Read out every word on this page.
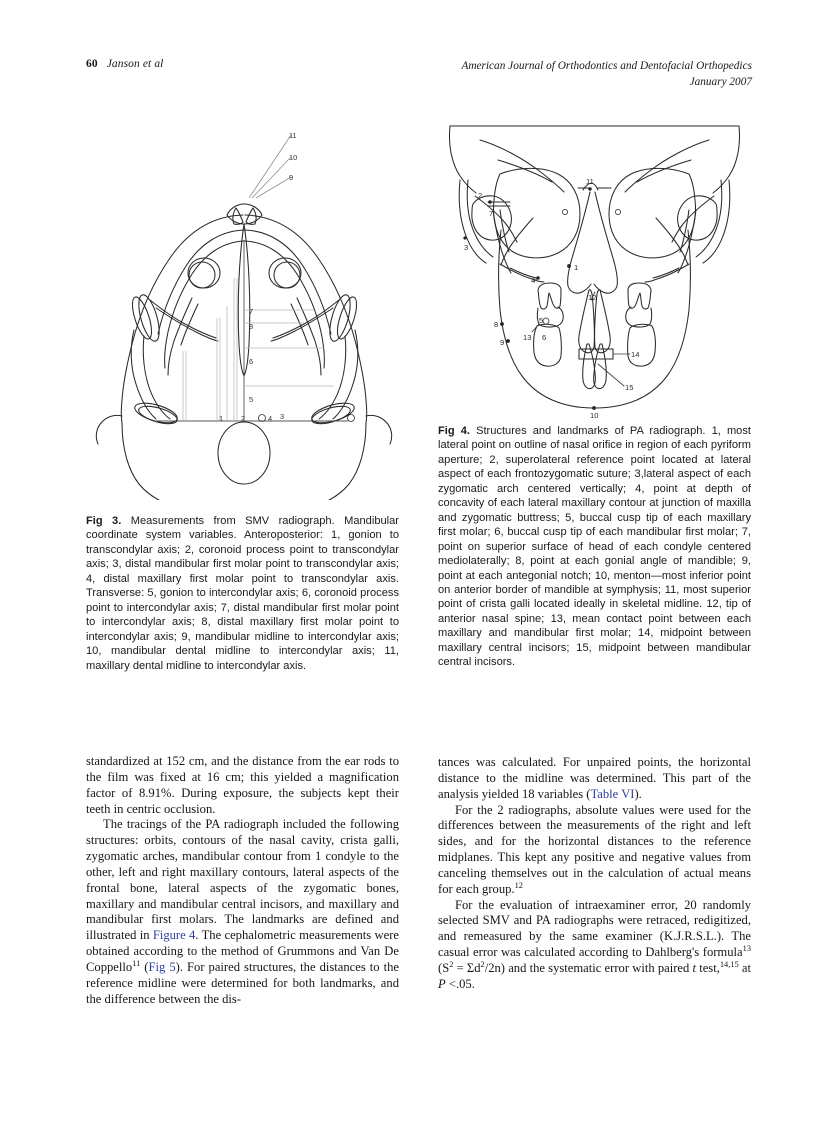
60 Janson et al	American Journal of Orthodontics and Dentofacial Orthopedics
January 2007
11
10
9
7
8
6
5
1 2	4 3

Fig 3. Measurements from SMV radiograph. Mandibular coordinate system variables. Anteroposterior: 1, gonion to transcondylar axis; 2, coronoid process point to transcondylar axis; 3, distal mandibular first molar point to transcondylar axis; 4, distal maxillary first molar point to transcondylar axis. Transverse: 5, gonion to intercondylar axis; 6, coronoid process point to intercondylar axis; 7, distal mandibular first molar point to intercondylar axis; 8, distal maxillary first molar point to intercondylar axis; 9, mandibular midline to intercondylar axis; 10, mandibular dental midline to intercondylar axis; 11, maxillary dental midline to intercondylar axis.

standardized at 152 cm, and the distance from the ear rods to the film was fixed at 16 cm; this yielded a magnification factor of 8.91%. During exposure, the subjects kept their teeth in centric occlusion.

The tracings of the PA radiograph included the following structures: orbits, contours of the nasal cavity, crista galli, zygomatic arches, mandibular contour from 1 condyle to the other, left and right maxillary contours, lateral aspects of the frontal bone, lateral aspects of the zygomatic bones, maxillary and mandibular central incisors, and maxillary and mandibular first molars. The landmarks are defined and illustrated in Figure 4. The cephalometric measurements were obtained according to the method of Grummons and Van De Coppello$^{11}$ (Fig 5). For paired structures, the distances to the reference midline were determined for both landmarks, and the difference between the dis-

2
7
3
4
5
6
13
8
9
10
11
12
1
14
15

Fig 4. Structures and landmarks of PA radiograph. 1, most lateral point on outline of nasal orifice in region of each pyriform aperture; 2, superolateral reference point located at lateral aspect of each frontozygomatic suture; 3,lateral aspect of each zygomatic arch centered vertically; 4, point at depth of concavity of each lateral maxillary contour at junction of maxilla and zygomatic buttress; 5, buccal cusp tip of each maxillary first molar; 6, buccal cusp tip of each mandibular first molar; 7, point on superior surface of head of each condyle centered mediolaterally; 8, point at each gonial angle of mandible; 9, point at each antegonial notch; 10, menton—most inferior point on anterior border of mandible at symphysis; 11, most superior point of crista galli located ideally in skeletal midline. 12, tip of anterior nasal spine; 13, mean contact point between each maxillary and mandibular first molar; 14, midpoint between maxillary central incisors; 15, midpoint between mandibular central incisors.

tances was calculated. For unpaired points, the horizontal distance to the midline was determined. This part of the analysis yielded 18 variables (Table VI).

For the 2 radiographs, absolute values were used for the differences between the measurements of the right and left sides, and for the horizontal distances to the reference midplanes. This kept any positive and negative values from canceling themselves out in the calculation of actual means for each group.$^{12}$

For the evaluation of intraexaminer error, 20 randomly selected SMV and PA radiographs were retraced, redigitized, and remeasured by the same examiner (K.J.R.S.L.). The casual error was calculated according to Dahlberg's formula$^{13}$ $(S^2 = \Sigma d^2/2n)$ and the systematic error with paired t test,$^{14,15}$ at P <.05.
